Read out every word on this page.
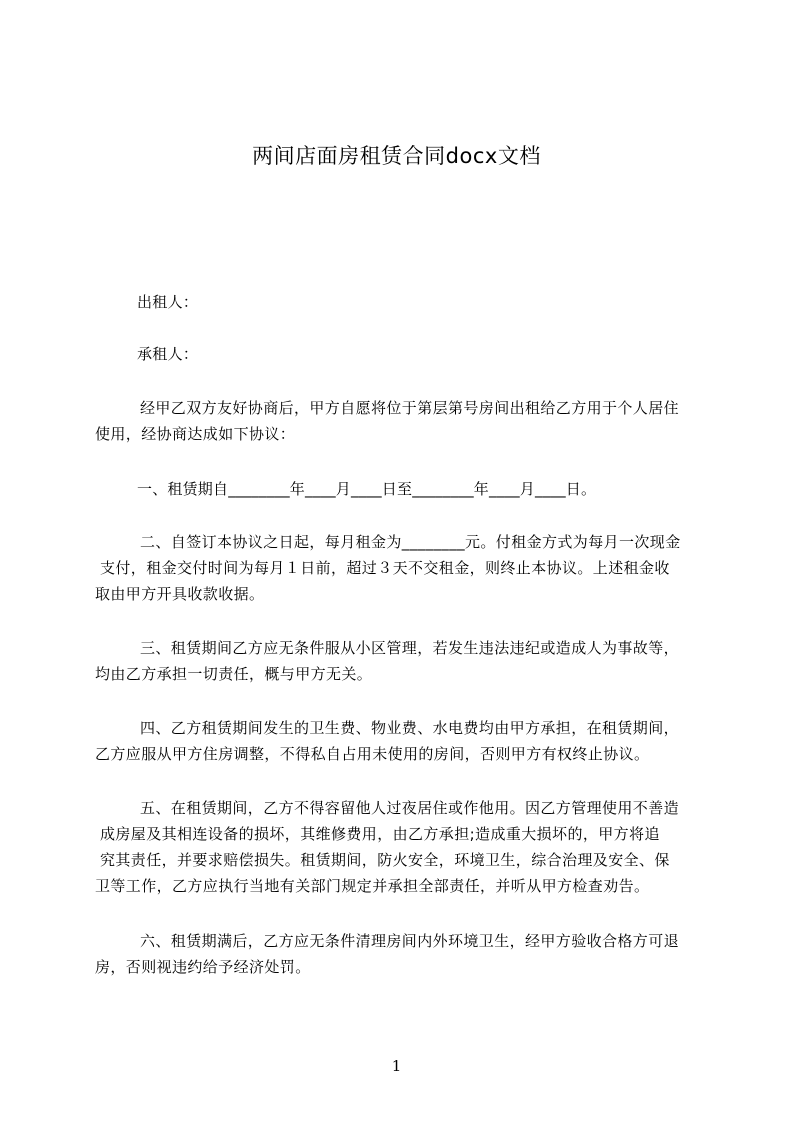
两间店面房租赁合同docx文档
出租人：
承租人：
经甲乙双方友好协商后，甲方自愿将位于第层第号房间出租给乙方用于个人居住
使用，经协商达成如下协议：
一、租赁期自________年____月____日至________年____月____日。
二、自签订本协议之日起，每月租金为________元。付租金方式为每月一次现金
支付，租金交付时间为每月１日前，超过３天不交租金，则终止本协议。上述租金收
取由甲方开具收款收据。
三、租赁期间乙方应无条件服从小区管理，若发生违法违纪或造成人为事故等，
均由乙方承担一切责任，概与甲方无关。
四、乙方租赁期间发生的卫生费、物业费、水电费均由甲方承担，在租赁期间，
乙方应服从甲方住房调整，不得私自占用未使用的房间，否则甲方有权终止协议。
五、在租赁期间，乙方不得容留他人过夜居住或作他用。因乙方管理使用不善造
成房屋及其相连设备的损坏，其维修费用，由乙方承担;造成重大损坏的，甲方将追
究其责任，并要求赔偿损失。租赁期间，防火安全，环境卫生，综合治理及安全、保
卫等工作，乙方应执行当地有关部门规定并承担全部责任，并听从甲方检查劝告。
六、租赁期满后，乙方应无条件清理房间内外环境卫生，经甲方验收合格方可退
房，否则视违约给予经济处罚。
1
